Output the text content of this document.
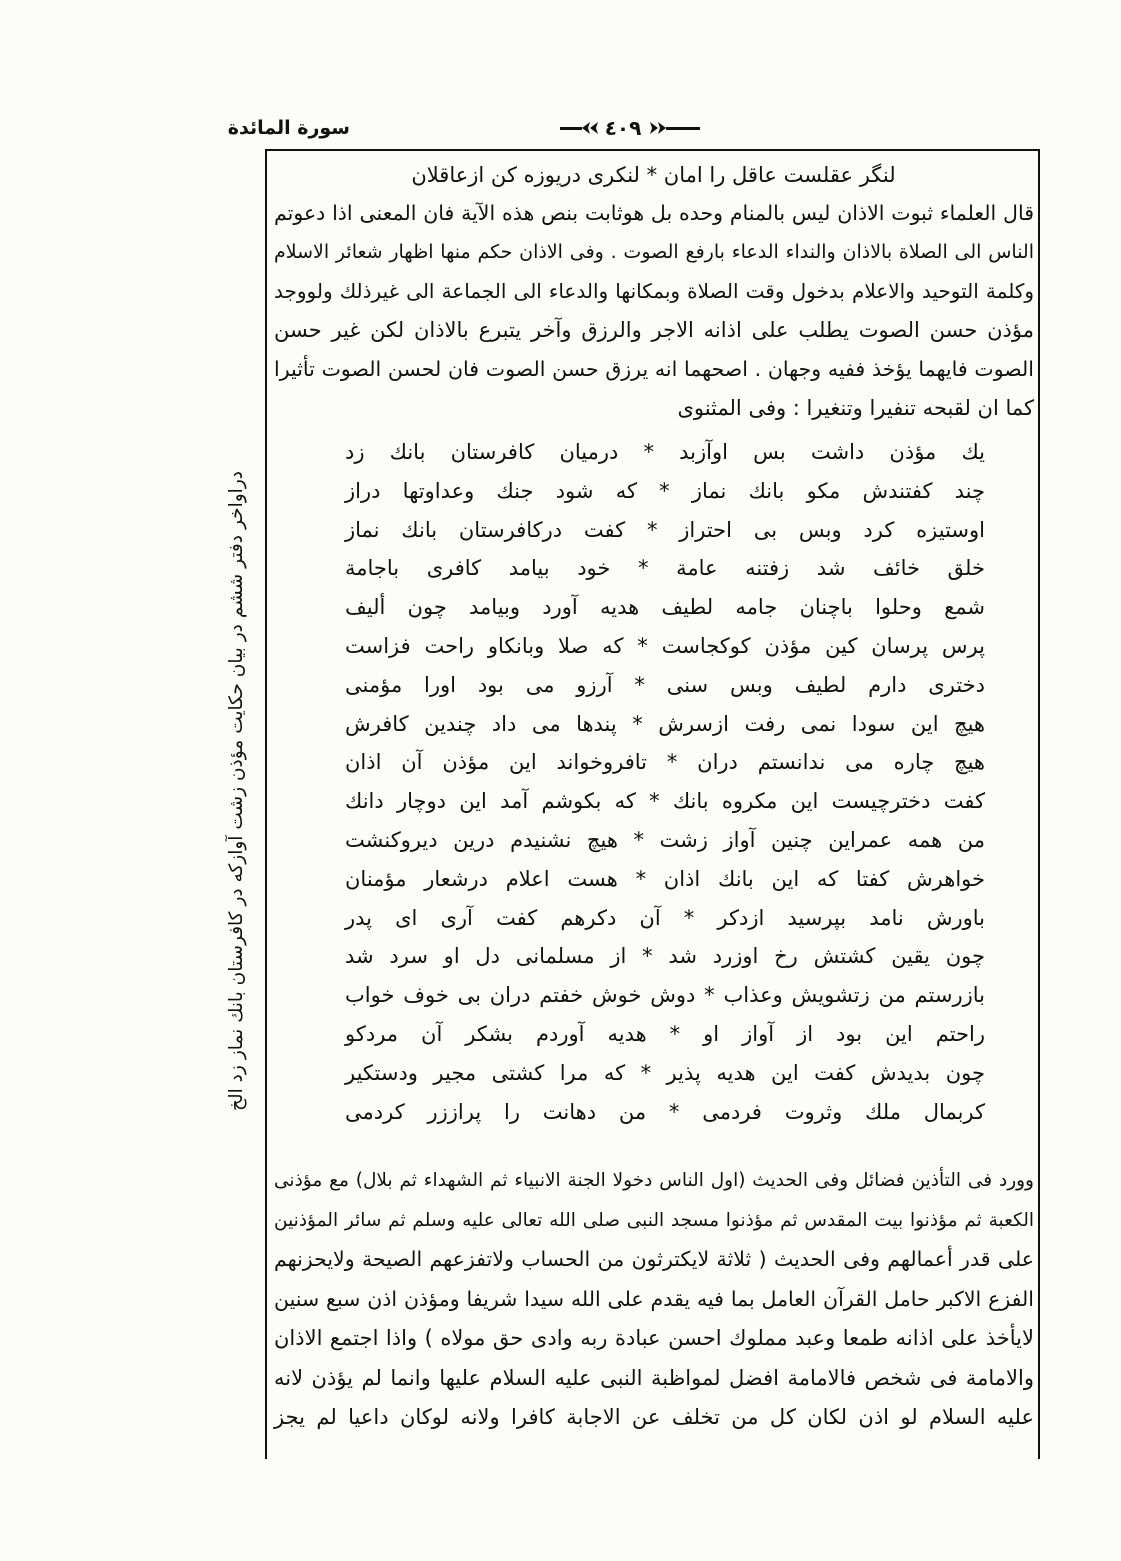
سورة المائدة	٤٠٩
لنگر عقلست عاقل را امان * لنكرى دريوزه كن ازعاقلان
قال العلماء ثبوت الاذان ليس بالمنام وحده بل هوثابت بنص هذه الآية فان المعنى اذا دعوتم
الناس الى الصلاة بالاذان والنداء الدعاء بارفع الصوت . وفى الاذان حكم منها اظهار شعائر الاسلام
وكلمة التوحيد والاعلام بدخول وقت الصلاة وبمكانها والدعاء الى الجماعة الى غيرذلك ولووجد
مؤذن حسن الصوت يطلب على اذانه الاجر والرزق وآخر يتبرع بالاذان لكن غير حسن
الصوت فايهما يؤخذ ففيه وجهان . اصحهما انه يرزق حسن الصوت فان لحسن الصوت تأثيرا
كما ان لقبحه تنفيرا وتنغيرا : وفى المثنوى
يك مؤذن داشت بس اوآزبد * درميان كافرستان بانك زد
چند كفتندش مكو بانك نماز * كه شود جنك وعداوتها دراز
اوستيزه كرد وبس بى احتراز * كفت دركافرستان بانك نماز
خلق خائف شد زفتنه عامة * خود بيامد كافرى باجامة
شمع وحلوا باچنان جامه لطيف هديه آورد وبيامد چون أليف
پرس پرسان كين مؤذن كوكجاست * كه صلا وبانكاو راحت فزاست
دخترى دارم لطيف وبس سنى * آرزو مى بود اورا مؤمنى
هيچ اين سودا نمى رفت ازسرش * پندها مى داد چندين كافرش
هيچ چاره مى ندانستم دران * تافروخواند اين مؤذن آن اذان
كفت دخترچيست اين مكروه بانك * كه بكوشم آمد اين دوچار دانك
من همه عمراين چنين آواز زشت * هيچ نشنيدم درين ديروكنشت
خواهرش كفتا كه اين بانك اذان * هست اعلام درشعار مؤمنان
باورش نامد بپرسيد ازدكر * آن دكرهم كفت آرى اى پدر
چون يقين كشتش رخ اوزرد شد * از مسلمانى دل او سرد شد
بازرستم من زتشويش وعذاب * دوش خوش خفتم دران بى خوف خواب
راحتم اين بود از آواز او * هديه آوردم بشكر آن مردكو
چون بديدش كفت اين هديه پذير * كه مرا كشتى مجير ودستكير
كربمال ملك وثروت فردمى * من دهانت را پراززر كردمى
وورد فى التأذين فضائل وفى الحديث (اول الناس دخولا الجنة الانبياء ثم الشهداء ثم بلال) مع مؤذنى
الكعبة ثم مؤذنوا بيت المقدس ثم مؤذنوا مسجد النبى صلى الله تعالى عليه وسلم ثم سائر المؤذنين
على قدر أعمالهم وفى الحديث ( ثلاثة لايكترثون من الحساب ولاتفزعهم الصيحة ولايحزنهم
الفزع الاكبر حامل القرآن العامل بما فيه يقدم على الله سيدا شريفا ومؤذن اذن سبع سنين
لايأخذ على اذانه طمعا وعبد مملوك احسن عبادة ربه وادى حق مولاه ) واذا اجتمع الاذان
والامامة فى شخص فالامامة افضل لمواظبة النبى عليه السلام عليها وانما لم يؤذن لانه
عليه السلام لو اذن لكان كل من تخلف عن الاجابة كافرا ولانه لوكان داعيا لم يجز
دراواخر دفتر ششم در بيان حكايت مؤذن زشت آوازكه در كافرستان بانك نماز زد الخ
